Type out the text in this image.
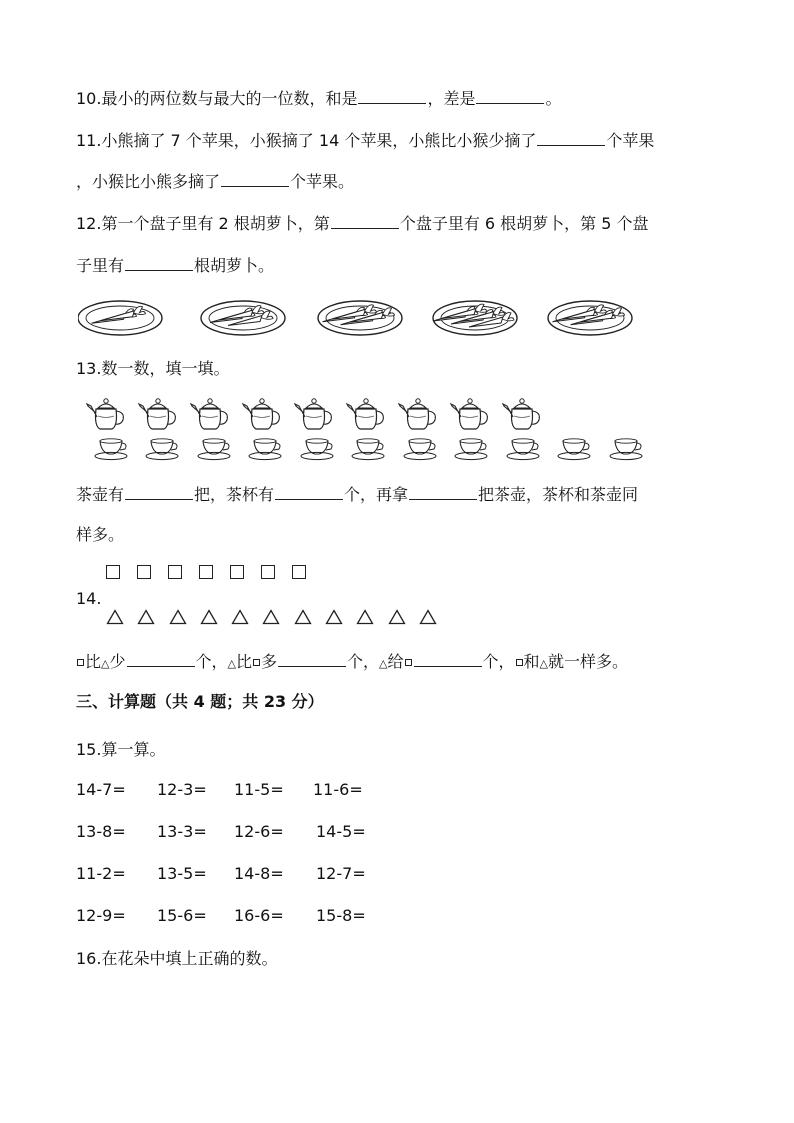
10.最小的两位数与最大的一位数，和是	，差是	。
11.小熊摘了 7 个苹果，小猴摘了 14 个苹果，小熊比小猴少摘了	个苹果
，小猴比小熊多摘了	个苹果。
12.第一个盘子里有 2 根胡萝卜，第	个盘子里有 6 根胡萝卜，第 5 个盘
子里有	根胡萝卜。
13.数一数，填一填。
茶壶有	把，茶杯有	个，再拿	把茶壶，茶杯和茶壶同
样多。
14.
比△少	个，△比 多	个，△给	个， 和△就一样多。
三、计算题（共 4 题；共 23 分）
15.算一算。
14-7= 12-3= 11-5= 11-6=
13-8= 13-3= 12-6= 14-5=
11-2= 13-5= 14-8= 12-7=
12-9= 15-6= 16-6= 15-8=
16.在花朵中填上正确的数。
